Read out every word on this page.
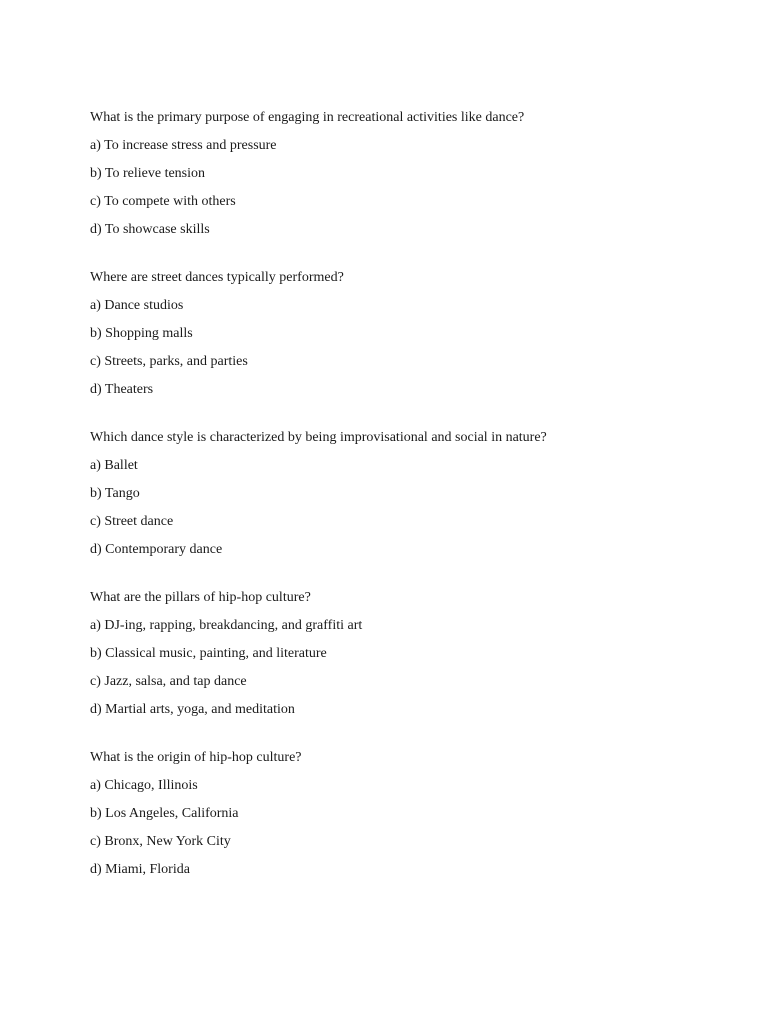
What is the primary purpose of engaging in recreational activities like dance?
a) To increase stress and pressure
b) To relieve tension
c) To compete with others
d) To showcase skills
Where are street dances typically performed?
a) Dance studios
b) Shopping malls
c) Streets, parks, and parties
d) Theaters
Which dance style is characterized by being improvisational and social in nature?
a) Ballet
b) Tango
c) Street dance
d) Contemporary dance
What are the pillars of hip-hop culture?
a) DJ-ing, rapping, breakdancing, and graffiti art
b) Classical music, painting, and literature
c) Jazz, salsa, and tap dance
d) Martial arts, yoga, and meditation
What is the origin of hip-hop culture?
a) Chicago, Illinois
b) Los Angeles, California
c) Bronx, New York City
d) Miami, Florida
